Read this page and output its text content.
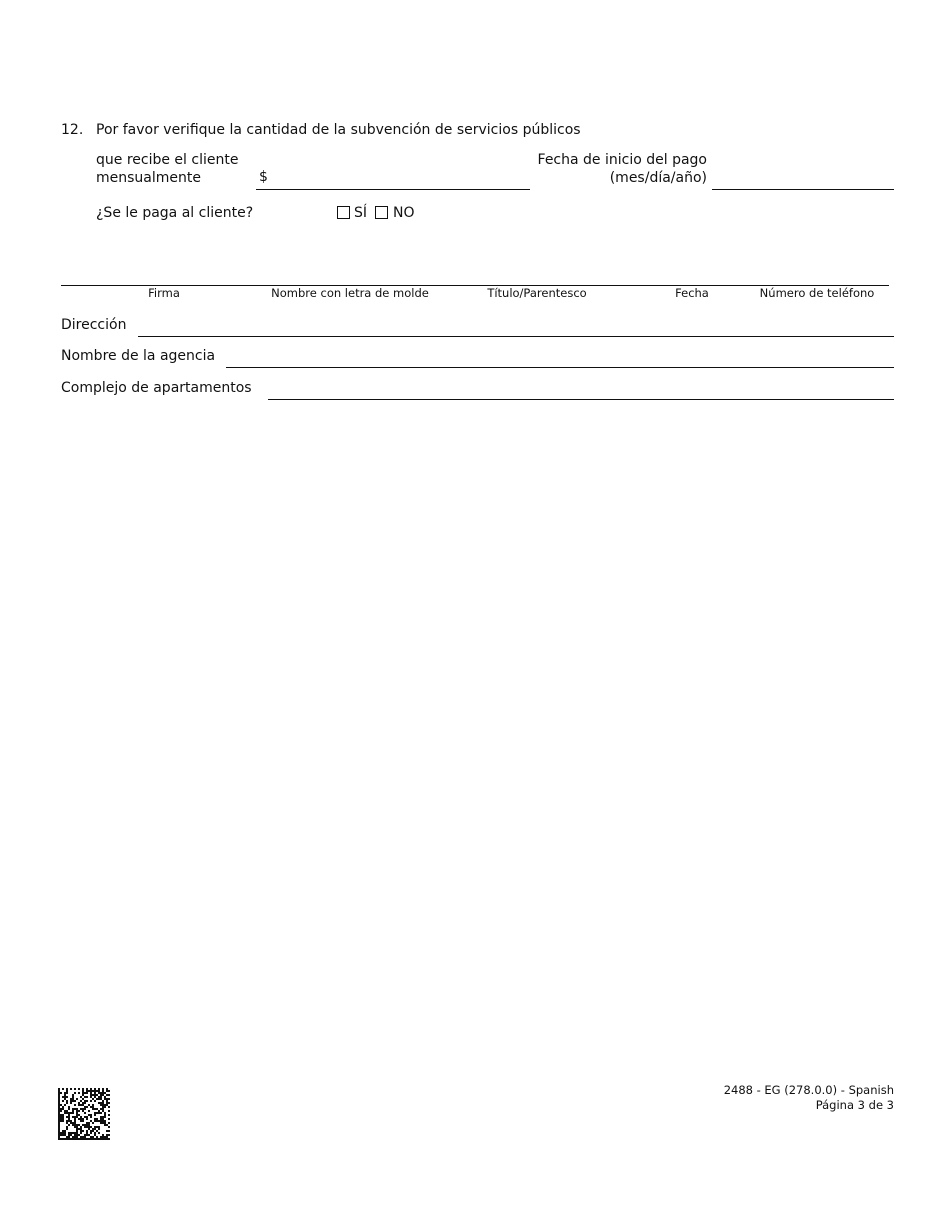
12. Por favor verifique la cantidad de la subvención de servicios públicos
que recibe el cliente
mensualmente	$
Fecha de inicio del pago
(mes/día/año)
¿Se le paga al cliente?	SÍ NO
Firma	Nombre con letra de molde	Título/Parentesco	Fecha	Número de teléfono
Dirección
Nombre de la agencia
Complejo de apartamentos
2488 - EG (278.0.0) - Spanish
Página 3 de 3
